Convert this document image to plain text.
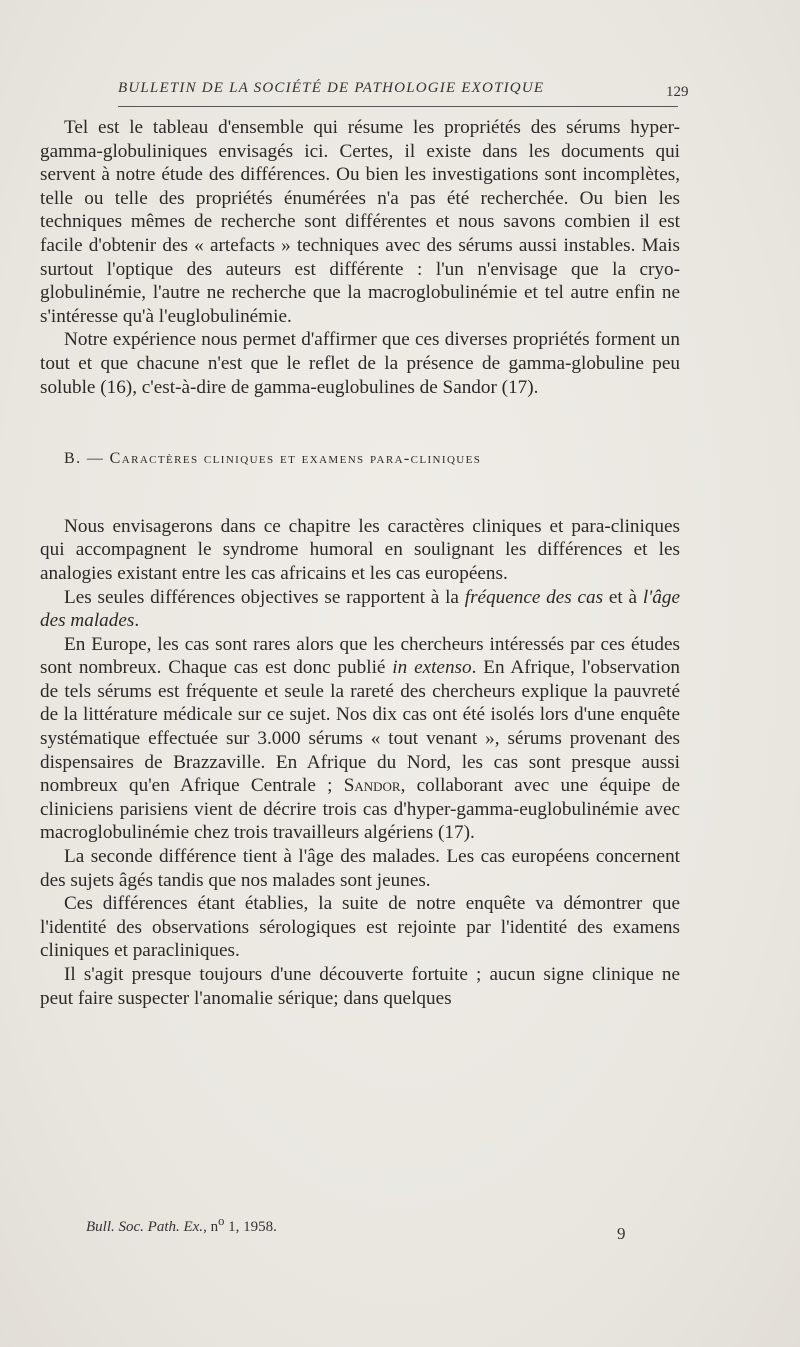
BULLETIN DE LA SOCIÉTÉ DE PATHOLOGIE EXOTIQUE	129

Tel est le tableau d'ensemble qui résume les propriétés des sérums hyper-gamma-globuliniques envisagés ici. Certes, il existe dans les documents qui servent à notre étude des différences. Ou bien les investigations sont incomplètes, telle ou telle des propriétés énumérées n'a pas été recherchée. Ou bien les techniques mêmes de recherche sont différentes et nous savons combien il est facile d'obtenir des « artefacts » techniques avec des sérums aussi instables. Mais surtout l'optique des auteurs est différente : l'un n'envisage que la cryo-globulinémie, l'autre ne recherche que la macroglobulinémie et tel autre enfin ne s'intéresse qu'à l'euglobulinémie.

Notre expérience nous permet d'affirmer que ces diverses propriétés forment un tout et que chacune n'est que le reflet de la présence de gamma-globuline peu soluble (16), c'est-à-dire de gamma-euglobulines de Sandor (17).

B. — Caractères cliniques et examens para-cliniques

Nous envisagerons dans ce chapitre les caractères cliniques et para-cliniques qui accompagnent le syndrome humoral en soulignant les différences et les analogies existant entre les cas africains et les cas européens.

Les seules différences objectives se rapportent à la fréquence des cas et à l'âge des malades.

En Europe, les cas sont rares alors que les chercheurs intéressés par ces études sont nombreux. Chaque cas est donc publié in extenso. En Afrique, l'observation de tels sérums est fréquente et seule la rareté des chercheurs explique la pauvreté de la littérature médicale sur ce sujet. Nos dix cas ont été isolés lors d'une enquête systématique effectuée sur 3.000 sérums « tout venant », sérums provenant des dispensaires de Brazzaville. En Afrique du Nord, les cas sont presque aussi nombreux qu'en Afrique Centrale ; Sandor, collaborant avec une équipe de cliniciens parisiens vient de décrire trois cas d'hyper-gamma-euglobulinémie avec macroglobulinémie chez trois travailleurs algériens (17).

La seconde différence tient à l'âge des malades. Les cas européens concernent des sujets âgés tandis que nos malades sont jeunes.

Ces différences étant établies, la suite de notre enquête va démontrer que l'identité des observations sérologiques est rejointe par l'identité des examens cliniques et paracliniques.

Il s'agit presque toujours d'une découverte fortuite ; aucun signe clinique ne peut faire suspecter l'anomalie sérique; dans quelques

Bull. Soc. Path. Ex., $n^o$ 1, 1958.	9
